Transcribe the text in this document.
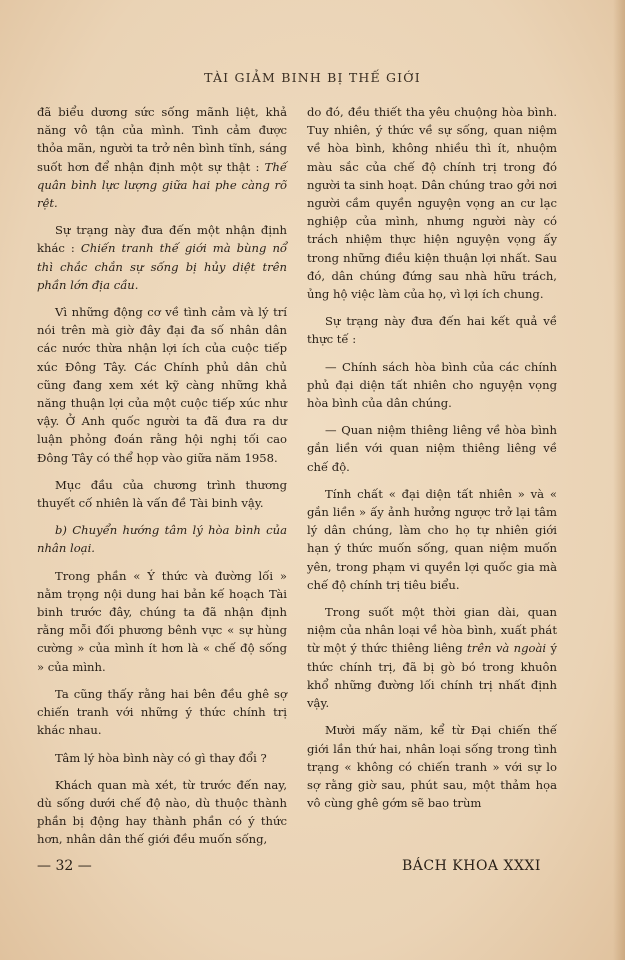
TÀI GIẢM BINH BỊ THẾ GIỚI

đã biểu dương sức sống mãnh liệt, khả năng vô tận của mình. Tình cảm được thỏa mãn, người ta trở nên bình tĩnh, sáng suốt hơn để nhận định một sự thật : Thế quân bình lực lượng giữa hai phe càng rõ rệt.

Sự trạng này đưa đến một nhận định khác : Chiến tranh thế giới mà bùng nổ thì chắc chắn sự sống bị hủy diệt trên phần lớn địa cầu.

Vì những động cơ về tình cảm và lý trí nói trên mà giờ đây đại đa số nhân dân các nước thừa nhận lợi ích của cuộc tiếp xúc Đông Tây. Các Chính phủ dân chủ cũng đang xem xét kỹ càng những khả năng thuận lợi của một cuộc tiếp xúc như vậy. Ở Anh quốc người ta đã đưa ra dư luận phỏng đoán rằng hội nghị tối cao Đông Tây có thể họp vào giữa năm 1958.

Mục đầu của chương trình thương thuyết cố nhiên là vấn đề Tài binh vậy.

b) Chuyển hướng tâm lý hòa bình của nhân loại.

Trong phần « Ý thức và đường lối » nằm trọng nội dung hai bản kế hoạch Tài binh trước đây, chúng ta đã nhận định rằng mỗi đối phương bênh vực « sự hùng cường » của mình ít hơn là « chế độ sống » của mình.

Ta cũng thấy rằng hai bên đều ghê sợ chiến tranh với những ý thức chính trị khác nhau.

Tâm lý hòa bình này có gì thay đổi ?

Khách quan mà xét, từ trước đến nay, dù sống dưới chế độ nào, dù thuộc thành phần bị động hay thành phần có ý thức hơn, nhân dân thế giới đều muốn sống,

do đó, đều thiết tha yêu chuộng hòa bình. Tuy nhiên, ý thức về sự sống, quan niệm về hòa bình, không nhiều thì ít, nhuộm màu sắc của chế độ chính trị trong đó người ta sinh hoạt. Dân chúng trao gởi nơi người cầm quyền nguyện vọng an cư lạc nghiệp của mình, nhưng người này có trách nhiệm thực hiện nguyện vọng ấy trong những điều kiện thuận lợi nhất. Sau đó, dân chúng đứng sau nhà hữu trách, ủng hộ việc làm của họ, vì lợi ích chung.

Sự trạng này đưa đến hai kết quả về thực tế :

— Chính sách hòa bình của các chính phủ đại diện tất nhiên cho nguyện vọng hòa bình của dân chúng.

— Quan niệm thiêng liêng về hòa bình gắn liền với quan niệm thiêng liêng về chế độ.

Tính chất « đại diện tất nhiên » và « gắn liền » ấy ảnh hưởng ngược trở lại tâm lý dân chúng, làm cho họ tự nhiên giới hạn ý thức muốn sống, quan niệm muốn yên, trong phạm vi quyền lợi quốc gia mà chế độ chính trị tiêu biểu.

Trong suốt một thời gian dài, quan niệm của nhân loại về hòa bình, xuất phát từ một ý thức thiêng liêng trên và ngoài ý thức chính trị, đã bị gò bó trong khuôn khổ những đường lối chính trị nhất định vậy.

Mười mấy năm, kể từ Đại chiến thế giới lần thứ hai, nhân loại sống trong tình trạng « không có chiến tranh » với sự lo sợ rằng giờ sau, phút sau, một thảm họa vô cùng ghê gớm sẽ bao trùm

— 32 —	BÁCH KHOA XXXI
